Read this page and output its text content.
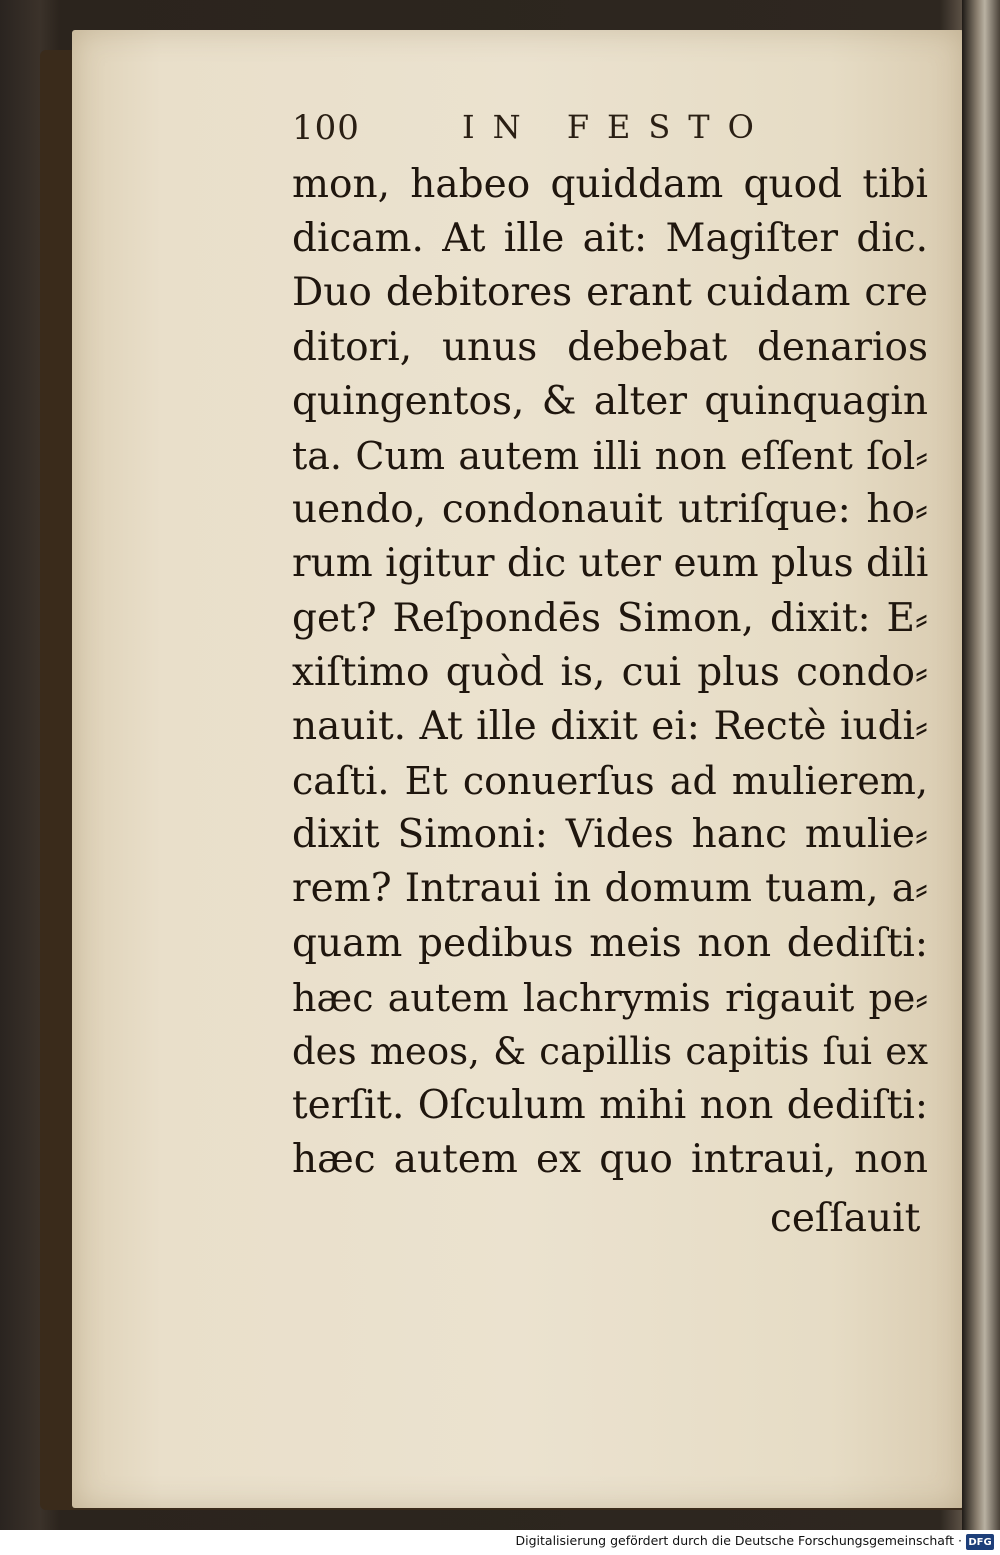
100	IN FESTO
mon, habeo quiddam quod tibi
dicam. At ille ait: Magiſter dic.
Duo debitores erant cuidam cre
ditori, unus debebat denarios
quingentos, & alter quinquagin
ta. Cum autem illi non eſſent ſol⸗
uendo, condonauit utriſque: ho⸗
rum igitur dic uter eum plus dili
get? Reſpondēs Simon, dixit: E⸗
xiſtimo quòd is, cui plus condo⸗
nauit. At ille dixit ei: Rectè iudi⸗
caſti. Et conuerſus ad mulierem,
dixit Simoni: Vides hanc mulie⸗
rem? Intraui in domum tuam, a⸗
quam pedibus meis non dediſti:
hæc autem lachrymis rigauit pe⸗
des meos, & capillis capitis ſui ex
terſit. Oſculum mihi non dediſti:
hæc autem ex quo intraui, non
ceſſauit
Digitalisierung gefördert durch die Deutsche Forschungsgemeinschaft · DFG
